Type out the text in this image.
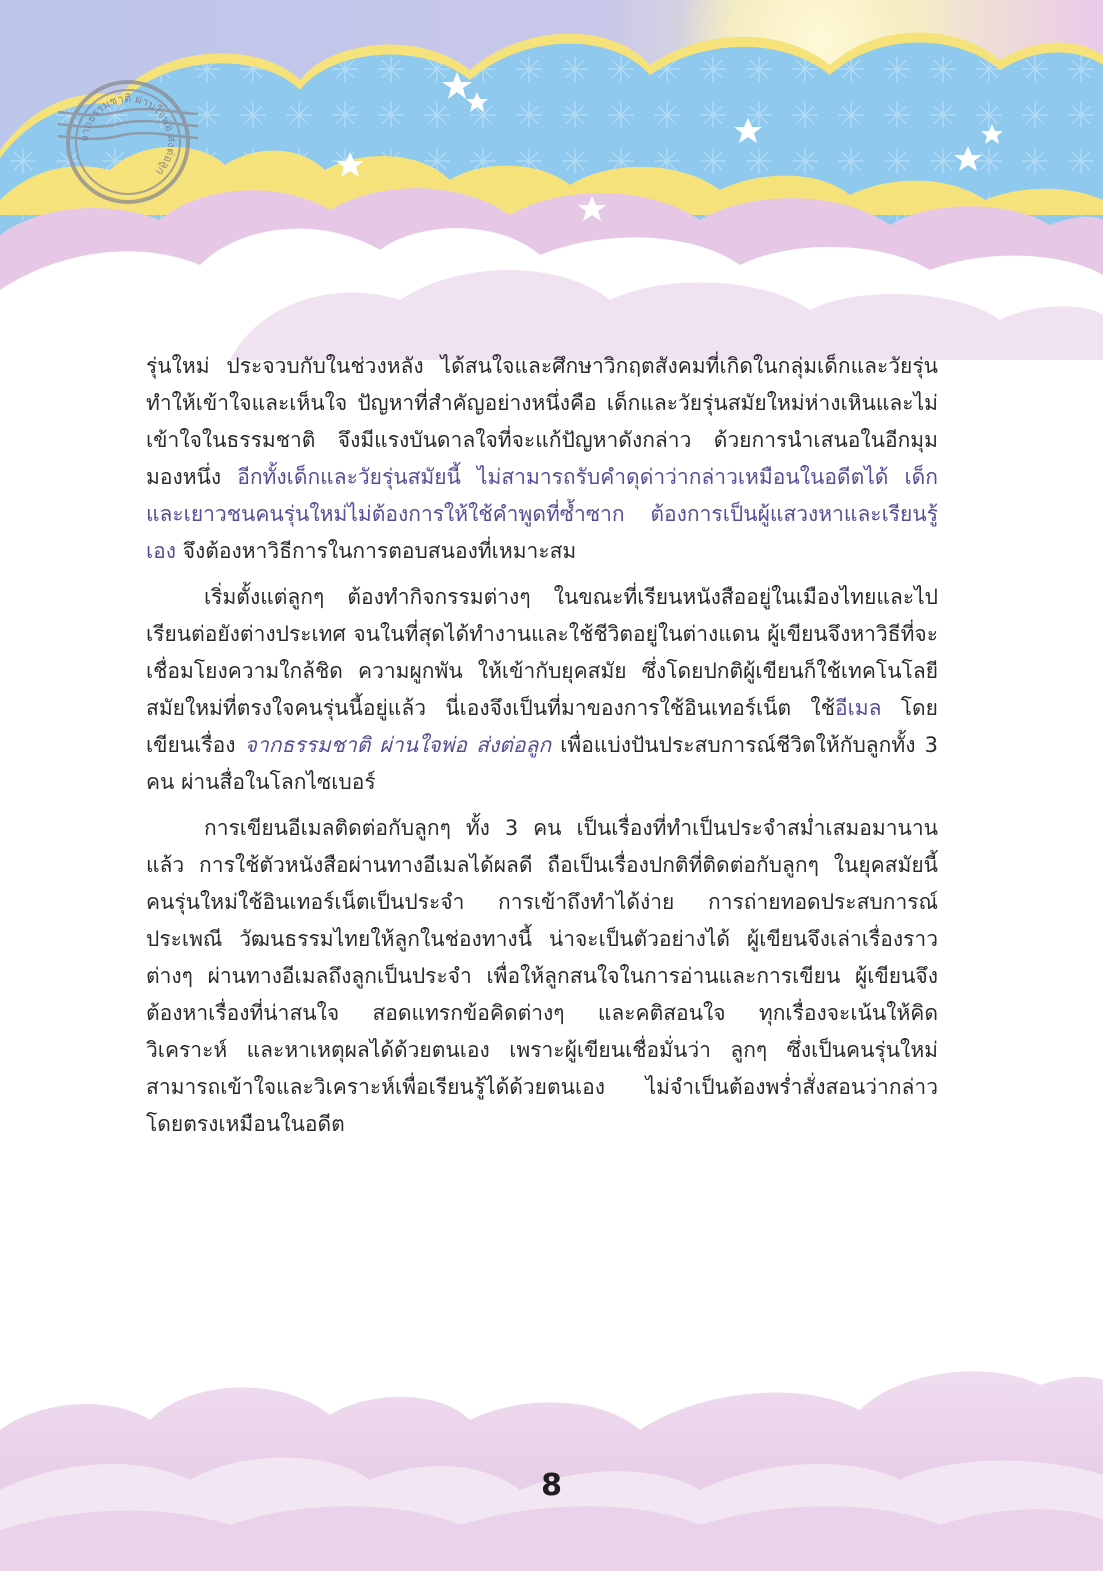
จากธรรมชาติ ผ่านใจพ่อ ส่งต่อลูก

รุ่นใหม่ ประจวบกับในช่วงหลัง ได้สนใจและศึกษาวิกฤตสังคมที่เกิดในกลุ่มเด็กและวัยรุ่น ทำให้เข้าใจและเห็นใจ ปัญหาที่สำคัญอย่างหนึ่งคือ เด็กและวัยรุ่นสมัยใหม่ห่างเหินและไม่เข้าใจในธรรมชาติ จึงมีแรงบันดาลใจที่จะแก้ปัญหาดังกล่าว ด้วยการนำเสนอในอีกมุมมองหนึ่ง อีกทั้งเด็กและวัยรุ่นสมัยนี้ ไม่สามารถรับคำดุด่าว่ากล่าวเหมือนในอดีตได้ เด็กและเยาวชนคนรุ่นใหม่ไม่ต้องการให้ใช้คำพูดที่ซ้ำซาก ต้องการเป็นผู้แสวงหาและเรียนรู้เอง จึงต้องหาวิธีการในการตอบสนองที่เหมาะสม

เริ่มตั้งแต่ลูกๆ ต้องทำกิจกรรมต่างๆ ในขณะที่เรียนหนังสืออยู่ในเมืองไทยและไปเรียนต่อยังต่างประเทศ จนในที่สุดได้ทำงานและใช้ชีวิตอยู่ในต่างแดน ผู้เขียนจึงหาวิธีที่จะเชื่อมโยงความใกล้ชิด ความผูกพัน ให้เข้ากับยุคสมัย ซึ่งโดยปกติผู้เขียนก็ใช้เทคโนโลยีสมัยใหม่ที่ตรงใจคนรุ่นนี้อยู่แล้ว นี่เองจึงเป็นที่มาของการใช้อินเทอร์เน็ต ใช้อีเมล โดยเขียนเรื่อง จากธรรมชาติ ผ่านใจพ่อ ส่งต่อลูก เพื่อแบ่งปันประสบการณ์ชีวิตให้กับลูกทั้ง 3 คน ผ่านสื่อในโลกไซเบอร์

การเขียนอีเมลติดต่อกับลูกๆ ทั้ง 3 คน เป็นเรื่องที่ทำเป็นประจำสม่ำเสมอมานานแล้ว การใช้ตัวหนังสือผ่านทางอีเมลได้ผลดี ถือเป็นเรื่องปกติที่ติดต่อกับลูกๆ ในยุคสมัยนี้ คนรุ่นใหม่ใช้อินเทอร์เน็ตเป็นประจำ การเข้าถึงทำได้ง่าย การถ่ายทอดประสบการณ์ ประเพณี วัฒนธรรมไทยให้ลูกในช่องทางนี้ น่าจะเป็นตัวอย่างได้ ผู้เขียนจึงเล่าเรื่องราวต่างๆ ผ่านทางอีเมลถึงลูกเป็นประจำ เพื่อให้ลูกสนใจในการอ่านและการเขียน ผู้เขียนจึงต้องหาเรื่องที่น่าสนใจ สอดแทรกข้อคิดต่างๆ และคติสอนใจ ทุกเรื่องจะเน้นให้คิด วิเคราะห์ และหาเหตุผลได้ด้วยตนเอง เพราะผู้เขียนเชื่อมั่นว่า ลูกๆ ซึ่งเป็นคนรุ่นใหม่ สามารถเข้าใจและวิเคราะห์เพื่อเรียนรู้ได้ด้วยตนเอง ไม่จำเป็นต้องพร่ำสั่งสอนว่ากล่าวโดยตรงเหมือนในอดีต

8
